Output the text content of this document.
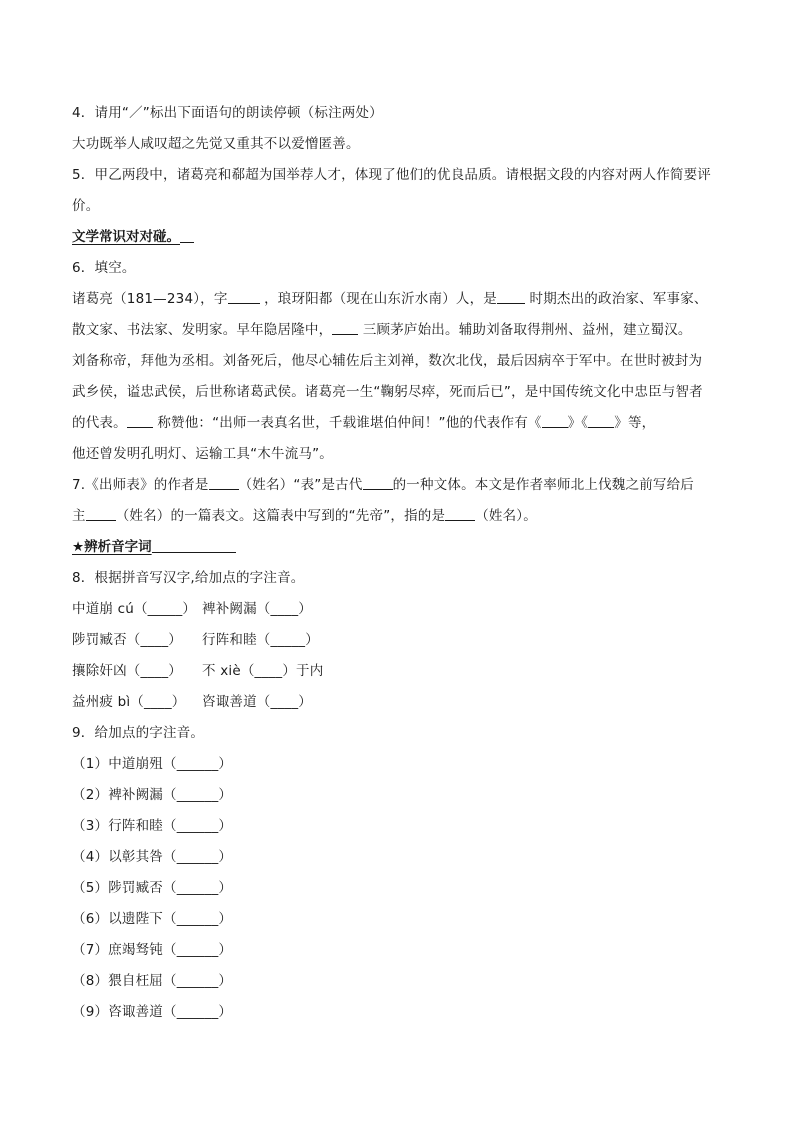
4．请用“／”标出下面语句的朗读停顿（标注两处）
大功既举人咸叹超之先觉又重其不以爱憎匿善。
5．甲乙两段中，诸葛亮和郗超为国举荐人才，体现了他们的优良品质。请根据文段的内容对两人作简要评
价。
文学常识对对碰。
6．填空。
诸葛亮（181—234），字	，琅玡阳都（现在山东沂水南）人，是 时期杰出的政治家、军事家、
散文家、书法家、发明家。早年隐居隆中， 三顾茅庐始出。辅助刘备取得荆州、益州，建立蜀汉。
刘备称帝，拜他为丞相。刘备死后，他尽心辅佐后主刘禅，数次北伐，最后因病卒于军中。在世时被封为
武乡侯，谥忠武侯，后世称诸葛武侯。诸葛亮一生“鞠躬尽瘁，死而后已”，是中国传统文化中忠臣与智者
的代表。 称赞他：“出师一表真名世，千载谁堪伯仲间！”他的代表作有《 》《 》等，
他还曾发明孔明灯、运输工具“木牛流马”。
7.《出师表》的作者是 （姓名）“表”是古代 的一种文体。本文是作者率师北上伐魏之前写给后
主 （姓名）的一篇表文。这篇表中写到的“先帝”，指的是 （姓名）。
★辨析音字词
8．根据拼音写汉字,给加点的字注音。
中道崩 cú（_____） 裨补阙漏（____）
陟罚臧否（____） 行阵和睦（_____）
攘除奸凶（____） 不 xiè（____）于内
益州疲 bì（____） 咨诹善道（____）
9．给加点的字注音。
（1）中道崩殂（______）
（2）裨补阙漏（______）
（3）行阵和睦（______）
（4）以彰其咎（______）
（5）陟罚臧否（______）
（6）以遗陛下（______）
（7）庶竭驽钝（______）
（8）猥自枉屈（______）
（9）咨诹善道（______）
